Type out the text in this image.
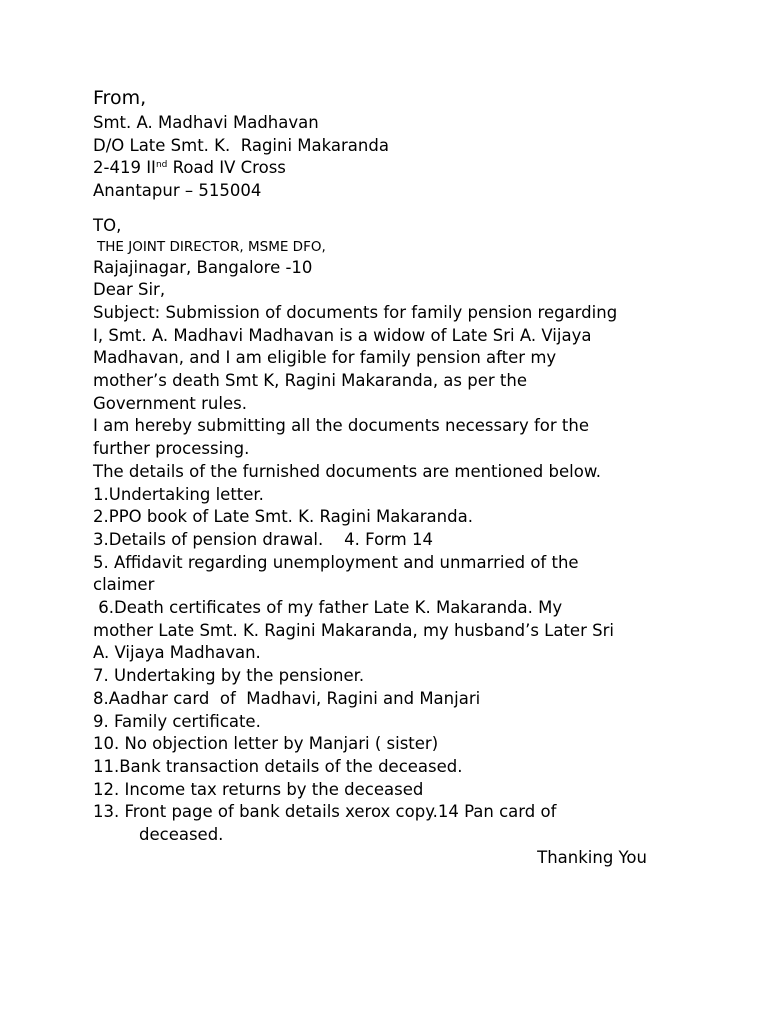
From,

Smt. A. Madhavi Madhavan

D/O Late Smt. K.  Ragini Makaranda

2-419 IInd Road IV Cross

Anantapur – 515004

TO,

THE JOINT DIRECTOR, MSME DFO,

Rajajinagar, Bangalore -10

Dear Sir,

Subject: Submission of documents for family pension regarding

I, Smt. A. Madhavi Madhavan is a widow of Late Sri A. Vijaya

Madhavan, and I am eligible for family pension after my

mother’s death Smt K, Ragini Makaranda, as per the

Government rules.

I am hereby submitting all the documents necessary for the

further processing.

The details of the furnished documents are mentioned below.

1.Undertaking letter.

2.PPO book of Late Smt. K. Ragini Makaranda.

3.Details of pension drawal.    4. Form 14

5. Affidavit regarding unemployment and unmarried of the

claimer

6.Death certificates of my father Late K. Makaranda. My

mother Late Smt. K. Ragini Makaranda, my husband’s Later Sri

A. Vijaya Madhavan.

7. Undertaking by the pensioner.

8.Aadhar card  of  Madhavi, Ragini and Manjari

9. Family certificate.

10. No objection letter by Manjari ( sister)

11.Bank transaction details of the deceased.

12. Income tax returns by the deceased

13. Front page of bank details xerox copy.14 Pan card of

deceased.

Thanking You
